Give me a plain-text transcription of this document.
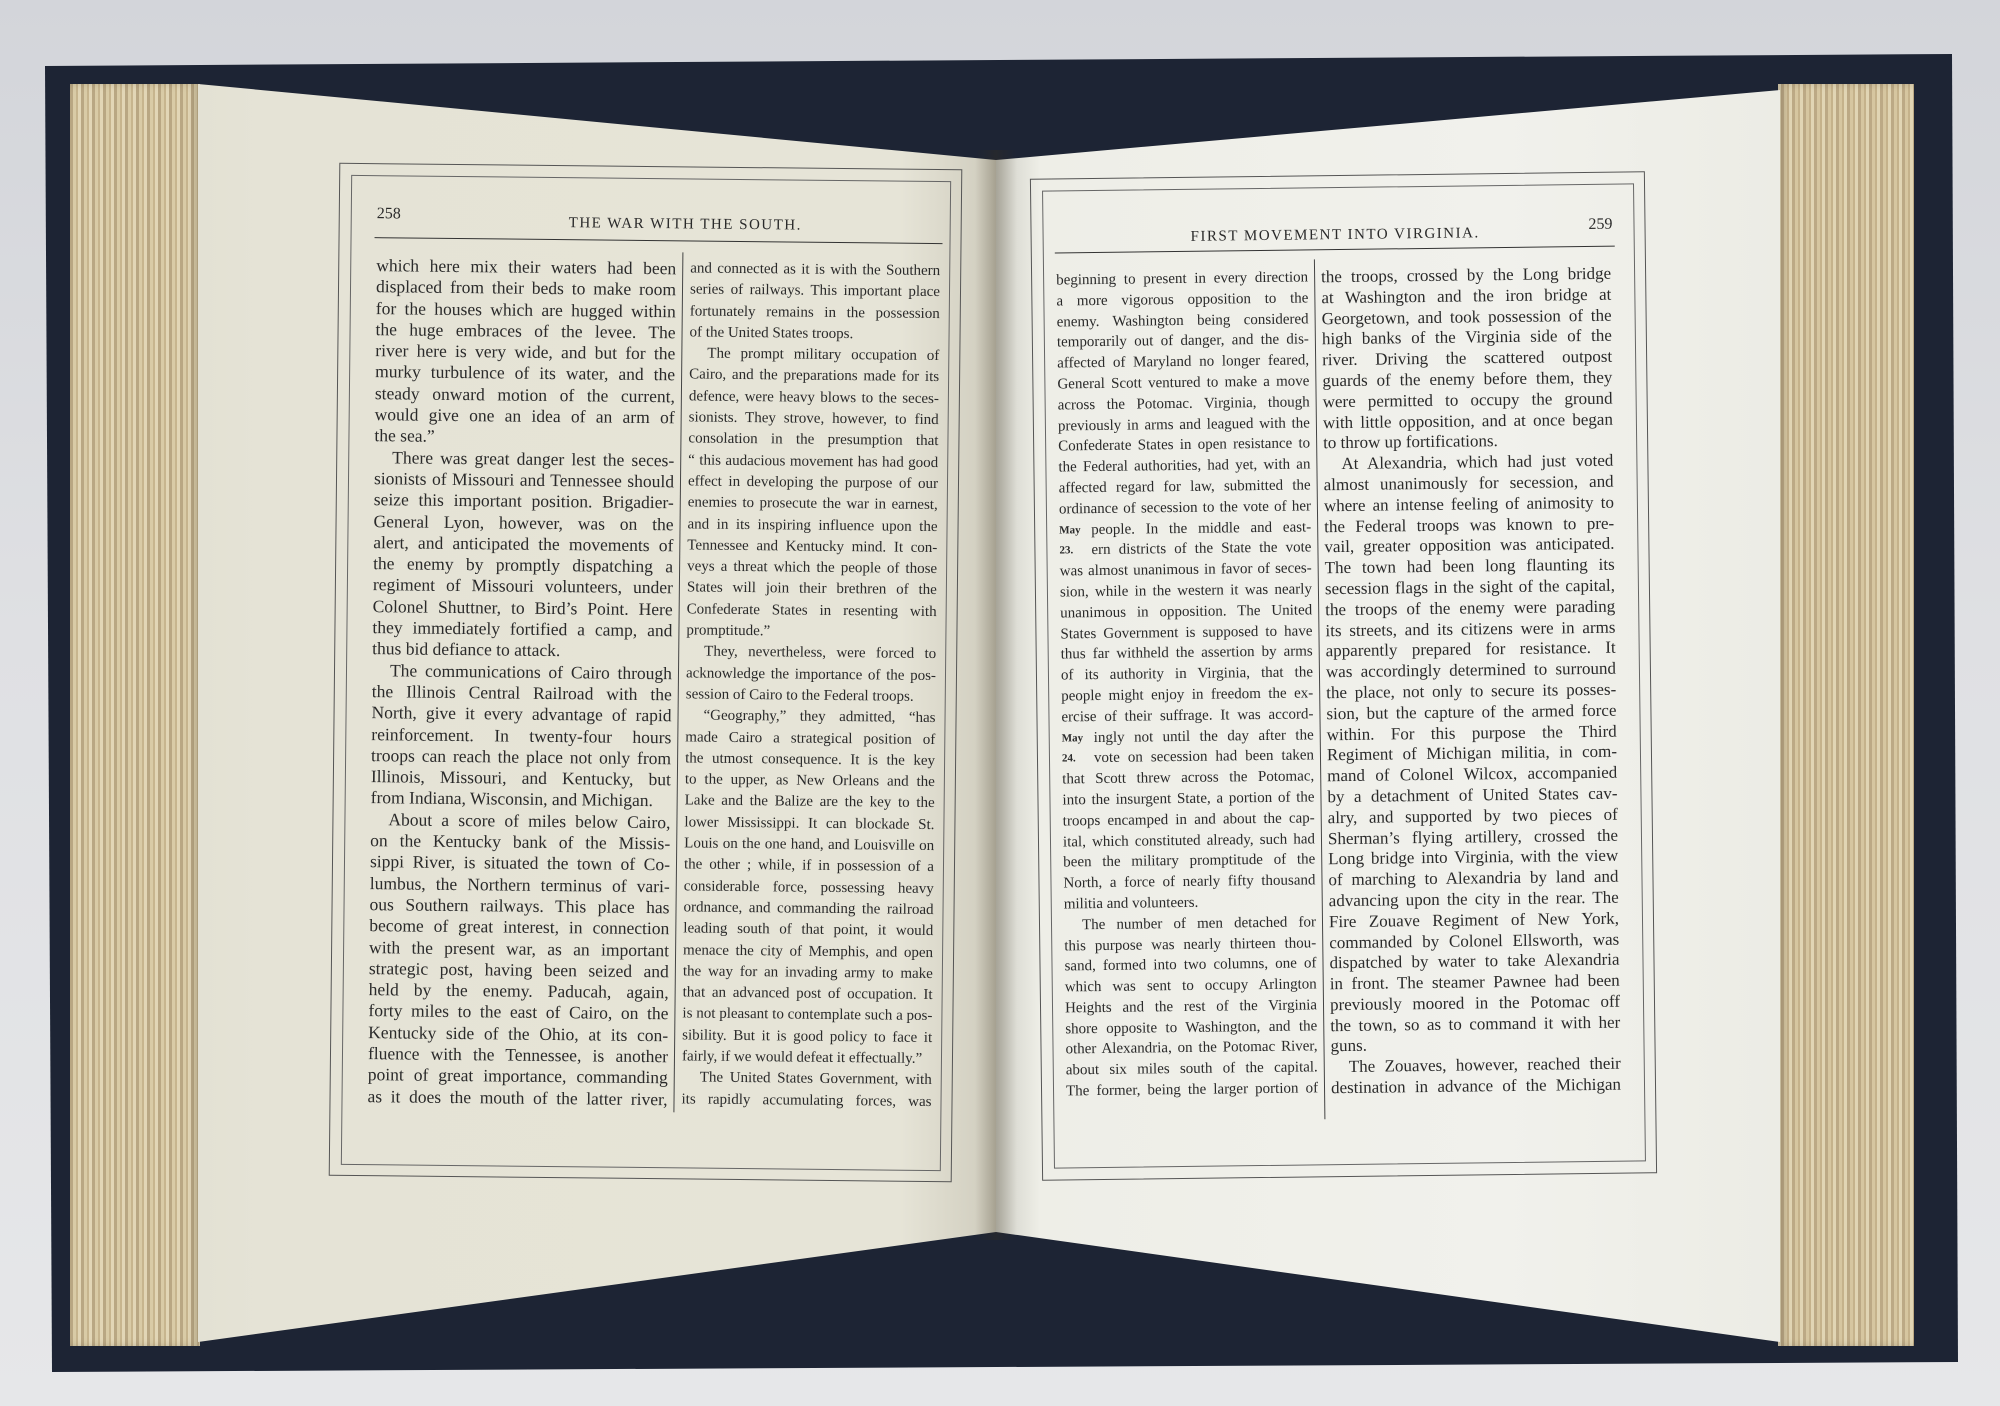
258
THE WAR WITH THE SOUTH.
which here mix their waters had been
displaced from their beds to make room
for the houses which are hugged within
the huge embraces of the levee. The
river here is very wide, and but for the
murky turbulence of its water, and the
steady onward motion of the current,
would give one an idea of an arm of
the sea.”
There was great danger lest the seces-
sionists of Missouri and Tennessee should
seize this important position. Brigadier-
General Lyon, however, was on the
alert, and anticipated the movements of
the enemy by promptly dispatching a
regiment of Missouri volunteers, under
Colonel Shuttner, to Bird’s Point. Here
they immediately fortified a camp, and
thus bid defiance to attack.
The communications of Cairo through
the Illinois Central Railroad with the
North, give it every advantage of rapid
reinforcement. In twenty-four hours
troops can reach the place not only from
Illinois, Missouri, and Kentucky, but
from Indiana, Wisconsin, and Michigan.
About a score of miles below Cairo,
on the Kentucky bank of the Missis-
sippi River, is situated the town of Co-
lumbus, the Northern terminus of vari-
ous Southern railways. This place has
become of great interest, in connection
with the present war, as an important
strategic post, having been seized and
held by the enemy. Paducah, again,
forty miles to the east of Cairo, on the
Kentucky side of the Ohio, at its con-
fluence with the Tennessee, is another
point of great importance, commanding
as it does the mouth of the latter river,
and connected as it is with the Southern
series of railways. This important place
fortunately remains in the possession
of the United States troops.
The prompt military occupation of
Cairo, and the preparations made for its
defence, were heavy blows to the seces-
sionists. They strove, however, to find
consolation in the presumption that
“ this audacious movement has had good
effect in developing the purpose of our
enemies to prosecute the war in earnest,
and in its inspiring influence upon the
Tennessee and Kentucky mind. It con-
veys a threat which the people of those
States will join their brethren of the
Confederate States in resenting with
promptitude.”
They, nevertheless, were forced to
acknowledge the importance of the pos-
session of Cairo to the Federal troops.
“Geography,” they admitted, “has
made Cairo a strategical position of
the utmost consequence. It is the key
to the upper, as New Orleans and the
Lake and the Balize are the key to the
lower Mississippi. It can blockade St.
Louis on the one hand, and Louisville on
the other ; while, if in possession of a
considerable force, possessing heavy
ordnance, and commanding the railroad
leading south of that point, it would
menace the city of Memphis, and open
the way for an invading army to make
that an advanced post of occupation. It
is not pleasant to contemplate such a pos-
sibility. But it is good policy to face it
fairly, if we would defeat it effectually.”
The United States Government, with
its rapidly accumulating forces, was
FIRST MOVEMENT INTO VIRGINIA.
259
beginning to present in every direction
a more vigorous opposition to the
enemy. Washington being considered
temporarily out of danger, and the dis-
affected of Maryland no longer feared,
General Scott ventured to make a move
across the Potomac. Virginia, though
previously in arms and leagued with the
Confederate States in open resistance to
the Federal authorities, had yet, with an
affected regard for law, submitted the
ordinance of secession to the vote of her
May people. In the middle and east-
23. ern districts of the State the vote
was almost unanimous in favor of seces-
sion, while in the western it was nearly
unanimous in opposition. The United
States Government is supposed to have
thus far withheld the assertion by arms
of its authority in Virginia, that the
people might enjoy in freedom the ex-
ercise of their suffrage. It was accord-
May ingly not until the day after the
24. vote on secession had been taken
that Scott threw across the Potomac,
into the insurgent State, a portion of the
troops encamped in and about the cap-
ital, which constituted already, such had
been the military promptitude of the
North, a force of nearly fifty thousand
militia and volunteers.
The number of men detached for
this purpose was nearly thirteen thou-
sand, formed into two columns, one of
which was sent to occupy Arlington
Heights and the rest of the Virginia
shore opposite to Washington, and the
other Alexandria, on the Potomac River,
about six miles south of the capital.
The former, being the larger portion of
the troops, crossed by the Long bridge
at Washington and the iron bridge at
Georgetown, and took possession of the
high banks of the Virginia side of the
river. Driving the scattered outpost
guards of the enemy before them, they
were permitted to occupy the ground
with little opposition, and at once began
to throw up fortifications.
At Alexandria, which had just voted
almost unanimously for secession, and
where an intense feeling of animosity to
the Federal troops was known to pre-
vail, greater opposition was anticipated.
The town had been long flaunting its
secession flags in the sight of the capital,
the troops of the enemy were parading
its streets, and its citizens were in arms
apparently prepared for resistance. It
was accordingly determined to surround
the place, not only to secure its posses-
sion, but the capture of the armed force
within. For this purpose the Third
Regiment of Michigan militia, in com-
mand of Colonel Wilcox, accompanied
by a detachment of United States cav-
alry, and supported by two pieces of
Sherman’s flying artillery, crossed the
Long bridge into Virginia, with the view
of marching to Alexandria by land and
advancing upon the city in the rear. The
Fire Zouave Regiment of New York,
commanded by Colonel Ellsworth, was
dispatched by water to take Alexandria
in front. The steamer Pawnee had been
previously moored in the Potomac off
the town, so as to command it with her
guns.
The Zouaves, however, reached their
destination in advance of the Michigan
